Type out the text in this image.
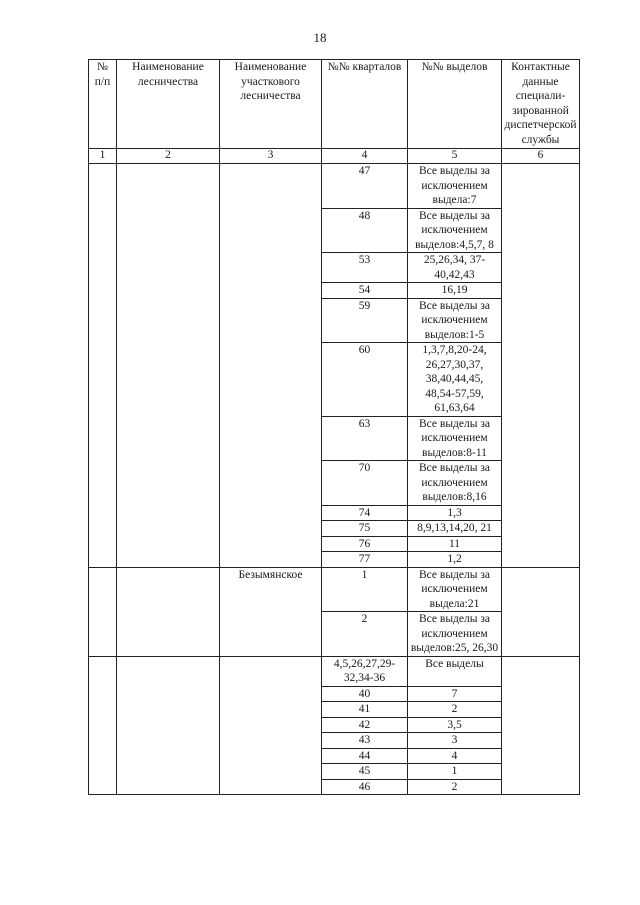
18
№ п/п	Наименование лесничества	Наименование участкового лесничества	№№ кварталов	№№ выделов	Контактные данные специали-зированной диспетчерской службы
1	2	3	4	5	6
			47	Все выделы за исключением выдела:7	
			48	Все выделы за исключением выделов:4,5,7, 8	
			53	25,26,34, 37-40,42,43	
			54	16,19	
			59	Все выделы за исключением выделов:1-5	
			60	1,3,7,8,20-24, 26,27,30,37, 38,40,44,45, 48,54-57,59, 61,63,64	
			63	Все выделы за исключением выделов:8-11	
			70	Все выделы за исключением выделов:8,16	
			74	1,3	
			75	8,9,13,14,20, 21	
			76	11	
			77	1,2	
		Безымянское	1	Все выделы за исключением выдела:21	
			2	Все выделы за исключением выделов:25, 26,30	
			4,5,26,27,29-32,34-36	Все выделы	
			40	7	
			41	2	
			42	3,5	
			43	3	
			44	4	
			45	1	
			46	2	
